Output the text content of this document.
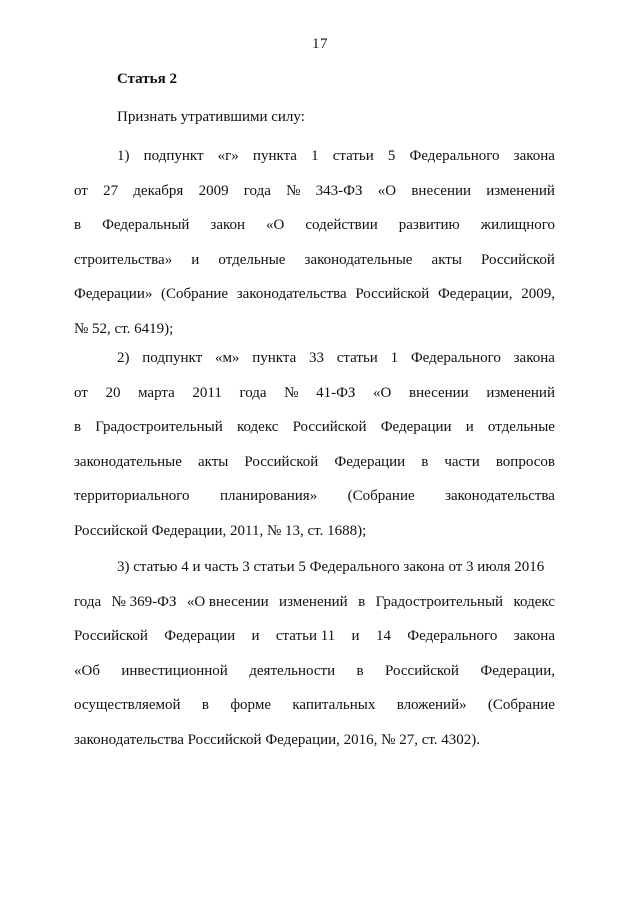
17
Статья 2
Признать утратившими силу:
1) подпункт «г» пункта 1 статьи 5 Федерального закона
от 27 декабря 2009 года № 343-ФЗ «О внесении изменений
в Федеральный закон «О содействии развитию жилищного
строительства» и отдельные законодательные акты Российской
Федерации» (Собрание законодательства Российской Федерации, 2009,
№ 52, ст. 6419);
2) подпункт «м» пункта 33 статьи 1 Федерального закона
от 20 марта 2011 года № 41-ФЗ «О внесении изменений
в Градостроительный кодекс Российской Федерации и отдельные
законодательные акты Российской Федерации в части вопросов
территориального планирования» (Собрание законодательства
Российской Федерации, 2011, № 13, ст. 1688);
3) статью 4 и часть 3 статьи 5 Федерального закона от 3 июля 2016
года № 369-ФЗ «О внесении изменений в Градостроительный кодекс
Российской Федерации и статьи 11 и 14 Федерального закона
«Об инвестиционной деятельности в Российской Федерации,
осуществляемой в форме капитальных вложений» (Собрание
законодательства Российской Федерации, 2016, № 27, ст. 4302).
